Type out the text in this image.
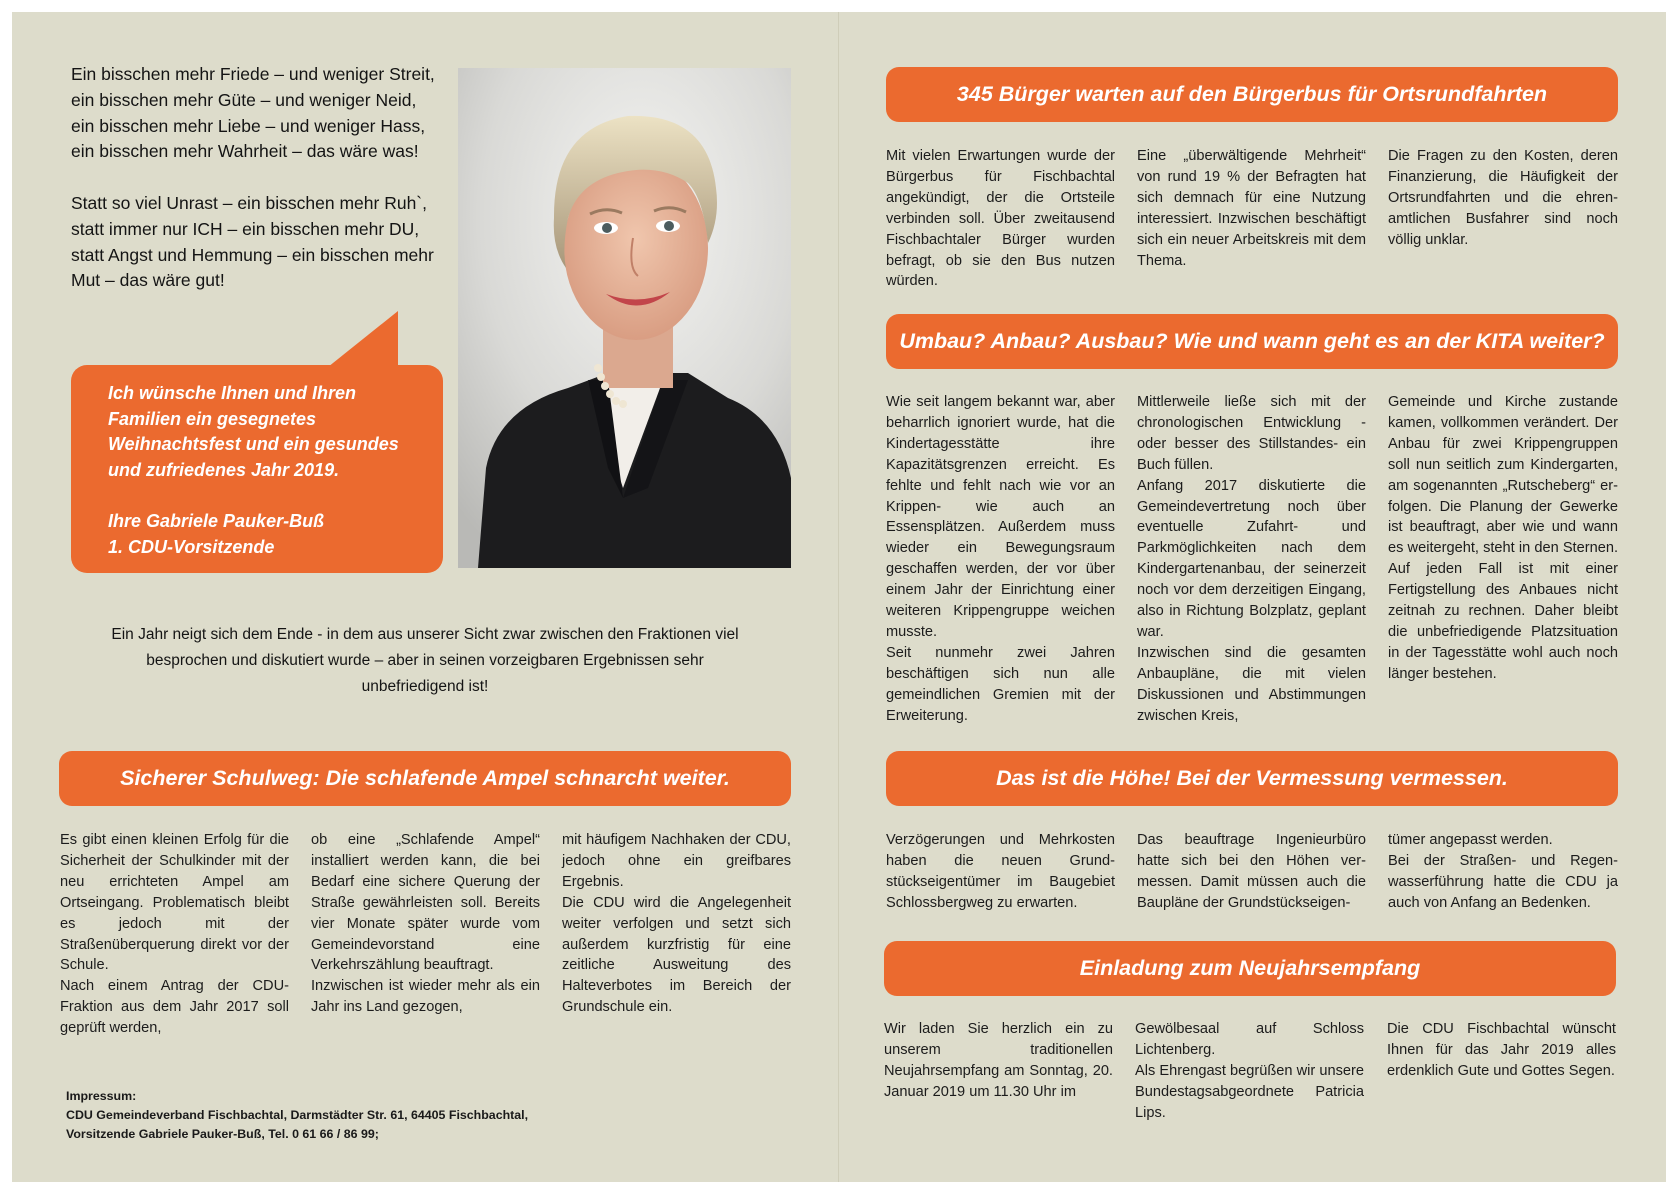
Ein bisschen mehr Friede – und weniger Streit, ein bisschen mehr Güte – und weniger Neid, ein bisschen mehr Liebe – und weniger Hass, ein bisschen mehr Wahrheit – das wäre was!

Statt so viel Unrast – ein bisschen mehr Ruh`, statt immer nur ICH – ein bisschen mehr DU, statt Angst und Hemmung – ein bisschen mehr Mut – das wäre gut!

Ich wünsche Ihnen und Ihren Familien ein gesegnetes Weihnachtsfest und ein gesundes und zufriedenes Jahr 2019.

Ihre Gabriele Pauker-Buß
1. CDU-Vorsitzende

Ein Jahr neigt sich dem Ende - in dem aus unserer Sicht zwar zwischen den Fraktionen viel besprochen und diskutiert wurde – aber in seinen vorzeigbaren Ergebnissen sehr unbefriedigend ist!
Sicherer Schulweg: Die schlafende Ampel schnarcht weiter.

Es gibt einen kleinen Erfolg für die Sicherheit der Schulkinder mit der neu errichteten Ampel am Ortseingang. Problematisch bleibt es jedoch mit der Straßenüberquerung direkt vor der Schule.

Nach einem Antrag der CDU-Fraktion aus dem Jahr 2017 soll geprüft werden,

ob eine „Schlafende Ampel“ installiert werden kann, die bei Bedarf eine sichere Querung der Straße gewährleisten soll. Bereits vier Monate später wurde vom Gemeindevorstand eine Verkehrszählung beauftragt.

Inzwischen ist wieder mehr als ein Jahr ins Land gezogen,

mit häufigem Nachhaken der CDU, jedoch ohne ein greifbares Ergebnis.

Die CDU wird die Angelegenheit weiter verfolgen und setzt sich außerdem kurzfristig für eine zeitliche Ausweitung des Halteverbotes im Bereich der Grundschule ein.

Impressum:

CDU Gemeindeverband Fischbachtal, Darmstädter Str. 61, 64405 Fischbachtal,

Vorsitzende Gabriele Pauker-Buß, Tel. 0 61 66 / 86 99;

345 Bürger warten auf den Bürgerbus für Ortsrundfahrten

Mit vielen Erwartungen wurde der Bürgerbus für Fischbachtal angekündigt, der die Ortsteile verbinden soll. Über zweitausend Fischbachtaler Bürger wurden befragt, ob sie den Bus nutzen würden.

Eine „überwältigende Mehrheit“ von rund 19 % der Befragten hat sich demnach für eine Nutzung interessiert. Inzwischen beschäftigt sich ein neuer Arbeitskreis mit dem Thema.

Die Fragen zu den Kosten, deren Finanzierung, die Häufigkeit der Ortsrundfahrten und die ehrenamtlichen Busfahrer sind noch völlig unklar.

Umbau? Anbau? Ausbau? Wie und wann geht es an der KITA weiter?

Wie seit langem bekannt war, aber beharrlich ignoriert wurde, hat die Kindertagesstätte ihre Kapazitätsgrenzen erreicht. Es fehlte und fehlt nach wie vor an Krippen- wie auch an Essensplätzen. Außerdem muss wieder ein Bewegungsraum geschaffen werden, der vor über einem Jahr der Einrichtung einer weiteren Krippengruppe weichen musste.

Seit nunmehr zwei Jahren beschäftigen sich nun alle gemeindlichen Gremien mit der Erweiterung.

Mittlerweile ließe sich mit der chronologischen Entwicklung - oder besser des Stillstandes- ein Buch füllen.

Anfang 2017 diskutierte die Gemeindevertretung noch über eventuelle Zufahrt- und Parkmöglichkeiten nach dem Kindergartenanbau, der seinerzeit noch vor dem derzeitigen Eingang, also in Richtung Bolzplatz, geplant war.

Inzwischen sind die gesamten Anbaupläne, die mit vielen Diskussionen und Abstimmungen zwischen Kreis,

Gemeinde und Kirche zustande kamen, vollkommen verändert. Der Anbau für zwei Krippengruppen soll nun seitlich zum Kindergarten, am sogenannten „Rutscheberg“ erfolgen. Die Planung der Gewerke ist beauftragt, aber wie und wann es weitergeht, steht in den Sternen. Auf jeden Fall ist mit einer Fertigstellung des Anbaues nicht zeitnah zu rechnen. Daher bleibt die unbefriedigende Platzsituation in der Tagesstätte wohl auch noch länger bestehen.

Das ist die Höhe! Bei der Vermessung vermessen.

Verzögerungen und Mehrkosten haben die neuen Grundstückseigentümer im Baugebiet Schlossbergweg zu erwarten.

Das beauftrage Ingenieurbüro hatte sich bei den Höhen vermessen. Damit müssen auch die Baupläne der Grundstückseigen-

tümer angepasst werden.

Bei der Straßen- und Regenwasserführung hatte die CDU ja auch von Anfang an Bedenken.

Einladung zum Neujahrsempfang

Wir laden Sie herzlich ein zu unserem traditionellen Neujahrsempfang am Sonntag, 20. Januar 2019 um 11.30 Uhr im

Gewölbesaal auf Schloss Lichtenberg.

Als Ehrengast begrüßen wir unsere Bundestagsabgeordnete Patricia Lips.

Die CDU Fischbachtal wünscht Ihnen für das Jahr 2019 alles erdenklich Gute und Gottes Segen.
